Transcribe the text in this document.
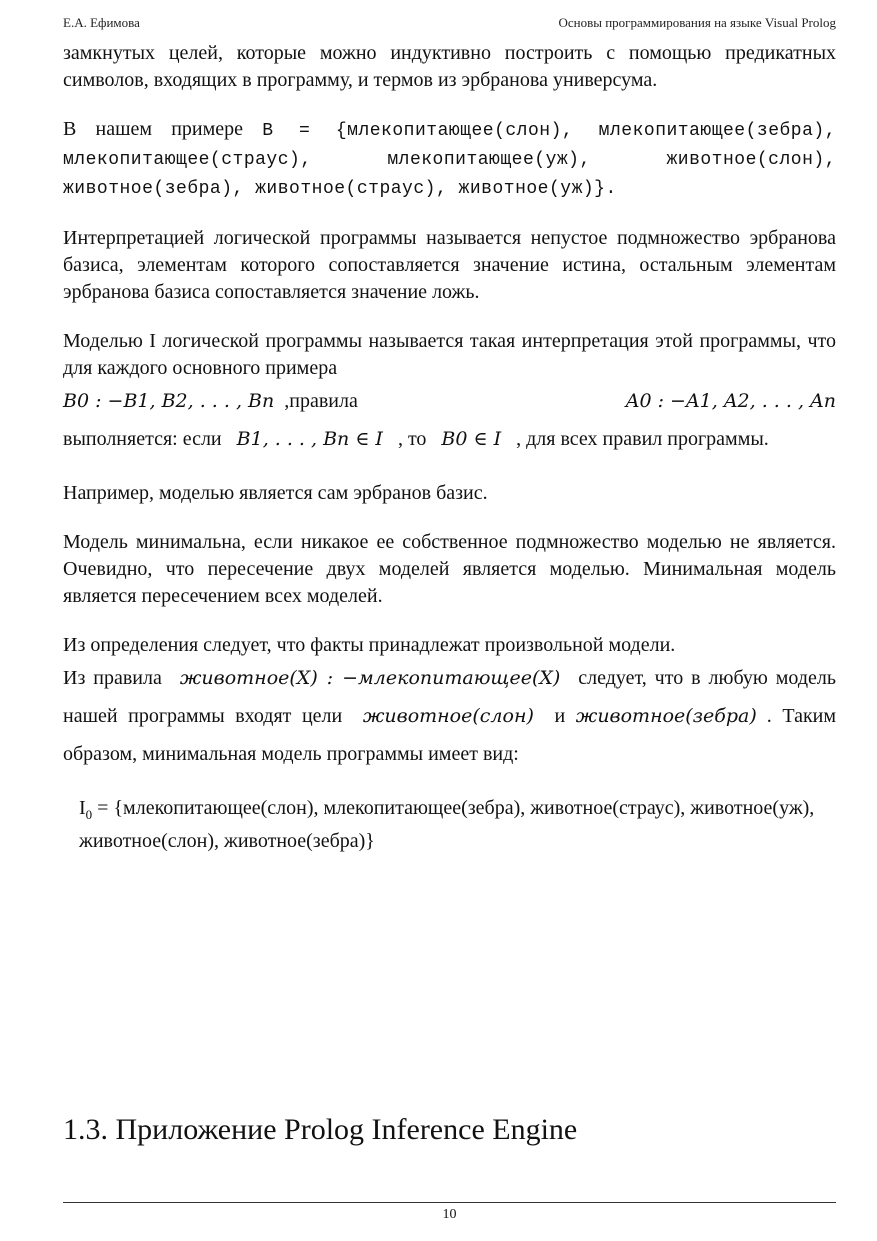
Е.А. Ефимова	Основы программирования на языке Visual Prolog

замкнутых целей, которые можно индуктивно построить с помощью предикатных символов, входящих в программу, и термов из эрбранова универсума.

В нашем примере B = {млекопитающее(слон), млекопитающее(зебра), млекопитающее(страус), млекопитающее(уж), животное(слон), животное(зебра), животное(страус), животное(уж)}.

Интерпретацией логической программы называется непустое подмножество эрбранова базиса, элементам которого сопоставляется значение истина, остальным элементам эрбранова базиса сопоставляется значение ложь.

Моделью I логической программы называется такая интерпретация этой программы, что для каждого основного примера
B0 : −B1, B2, . . . , Bn ,правила	A0 : −A1, A2, . . . , An
выполняется: если B1, . . . , Bn ∈ I , то B0 ∈ I , для всех правил программы.

Например, моделью является сам эрбранов базис.

Модель минимальна, если никакое ее собственное подмножество моделью не является. Очевидно, что пересечение двух моделей является моделью. Минимальная модель является пересечением всех моделей.

Из определения следует, что факты принадлежат произвольной модели.
Из правила животное(X) : −млекопитающее(X) следует, что в любую модель нашей программы входят цели животное(слон) и животное(зебра) . Таким образом, минимальная модель программы имеет вид:
$I_0$ = {млекопитающее(слон), млекопитающее(зебра), животное(страус), животное(уж), животное(слон), животное(зебра)}
1.3. Приложение Prolog Inference Engine
10
